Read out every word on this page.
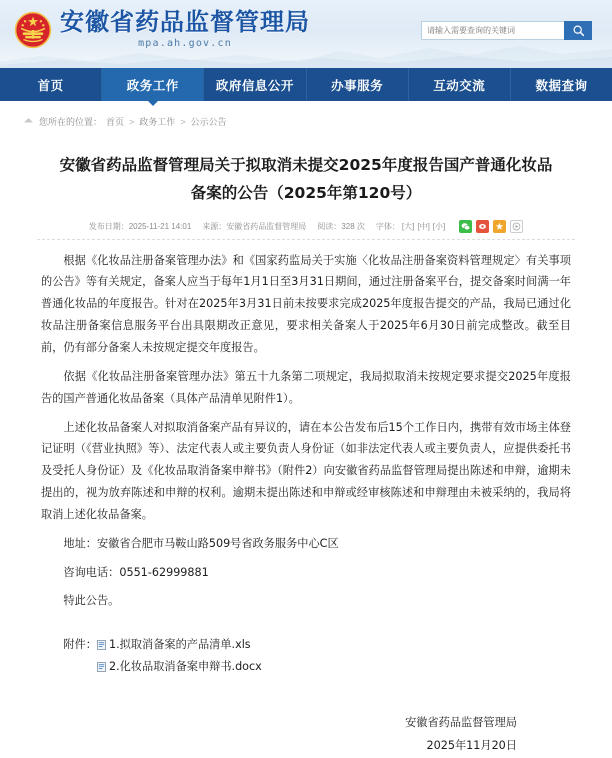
安徽省药品监督管理局
mpa.ah.gov.cn
请输入需要查询的关键词
首页	政务工作	政府信息公开	办事服务	互动交流	数据查询
您所在的位置： 首页 > 政务工作 > 公示公告
安徽省药品监督管理局关于拟取消未提交2025年度报告国产普通化妆品备案的公告（2025年第120号）
发布日期：2025-11-21 14:01 来源：安徽省药品监督管理局 阅读：328 次 字体： [大] [中] [小]

根据《化妆品注册备案管理办法》和《国家药监局关于实施〈化妆品注册备案资料管理规定〉有关事项的公告》等有关规定，备案人应当于每年1月1日至3月31日期间，通过注册备案平台，提交备案时间满一年普通化妆品的年度报告。针对在2025年3月31日前未按要求完成2025年度报告提交的产品，我局已通过化妆品注册备案信息服务平台出具限期改正意见，要求相关备案人于2025年6月30日前完成整改。截至目前，仍有部分备案人未按规定提交年度报告。

依据《化妆品注册备案管理办法》第五十九条第二项规定，我局拟取消未按规定要求提交2025年度报告的国产普通化妆品备案（具体产品清单见附件1）。

上述化妆品备案人对拟取消备案产品有异议的，请在本公告发布后15个工作日内，携带有效市场主体登记证明（《营业执照》等）、法定代表人或主要负责人身份证（如非法定代表人或主要负责人，应提供委托书及受托人身份证）及《化妆品取消备案申辩书》（附件2）向安徽省药品监督管理局提出陈述和申辩，逾期未提出的，视为放弃陈述和申辩的权利。逾期未提出陈述和申辩或经审核陈述和申辩理由未被采纳的，我局将取消上述化妆品备案。

地址：安徽省合肥市马鞍山路509号省政务服务中心C区

咨询电话：0551-62999881

特此公告。

附件： 1.拟取消备案的产品清单.xls
2.化妆品取消备案申辩书.docx
安徽省药品监督管理局
2025年11月20日
